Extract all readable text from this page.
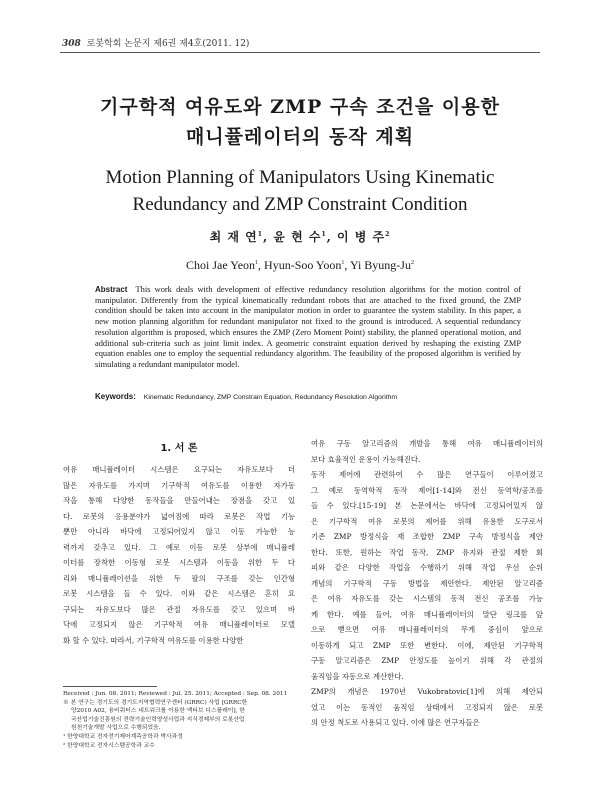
308 로봇학회 논문지 제6권 제4호(2011. 12)
기구학적 여유도와 ZMP 구속 조건을 이용한
매니퓰레이터의 동작 계획
Motion Planning of Manipulators Using Kinematic
Redundancy and ZMP Constraint Condition
최 재 연$^1$, 윤 현 수$^1$, 이 병 주$^2$
Choi Jae Yeon$^1$, Hyun-Soo Yoon$^1$, Yi Byung-Ju$^2$
Abstract This work deals with development of effective redundancy resolution algorithms for the motion control of manipulator. Differently from the typical kinematically redundant robots that are attached to the fixed ground, the ZMP condition should be taken into account in the manipulator motion in order to guarantee the system stability. In this paper, a new motion planning algorithm for redundant manipulator not fixed to the ground is introduced. A sequential redundancy resolution algorithm is proposed, which ensures the ZMP (Zero Moment Point) stability, the planned operational motion, and additional sub-criteria such as joint limit index. A geometric constraint equation derived by reshaping the existing ZMP equation enables one to employ the sequential redundancy algorithm. The feasibility of the proposed algorithm is verified by simulating a redundant manipulator model.
Keywords: Kinematic Redundancy, ZMP Constrain Equation, Redundancy Resolution Algorithm
1. 서 론
여유 매니퓰레이터 시스템은 요구되는 자유도보다 더
많은 자유도를 가지며 기구학적 여유도를 이용한 자가동
작을 통해 다양한 동작들을 만들어내는 장점을 갖고 있
다. 로봇의 응용분야가 넓어짐에 따라 로봇은 작업 기능
뿐만 아니라 바닥에 고정되어있지 않고 이동 가능한 능
력까지 갖추고 있다. 그 예로 이동 로봇 상부에 매니퓰레
이터를 장착한 이동형 로봇 시스템과 이동을 위한 두 다
리와 매니퓰레이션을 위한 두 팔의 구조를 갖는 인간형
로봇 시스템을 들 수 있다. 이와 같은 시스템은 흔히 요
구되는 자유도보다 많은 관절 자유도를 갖고 있으며 바
닥에 고정되지 않은 기구학적 여유 매니퓰레이터로 모델
화 할 수 있다. 따라서, 기구학적 여유도를 이용한 다양한
여유 구동 알고리즘의 개발을 통해 여유 매니퓰레이터의
보다 효율적인 운용이 가능해진다.
동작 제어에 관련하여 수 많은 연구들이 이루어졌고
그 예로 동역학적 동작 제어[1-14]와 전신 동역학/공조를
들 수 있다.[15-19] 본 논문에서는 바닥에 고정되어있지 않
은 기구학적 여유 로봇의 제어를 위해 유용한 도구로서
기존 ZMP 방정식을 재 조합한 ZMP 구속 방정식을 제안
한다. 또한, 원하는 작업 동작, ZMP 유지와 관절 제한 회
피와 같은 다양한 작업을 수행하기 위해 작업 우선 순위
개념의 기구학적 구동 방법을 제안한다. 제안된 알고리즘
은 여유 자유도를 갖는 시스템의 동적 전신 공조를 가능
케 한다. 예를 들어, 여유 매니퓰레이터의 말단 링크를 앞
으로 뻗으면 여유 매니퓰레이터의 무게 중심이 앞으로
이동하게 되고 ZMP 또한 변한다. 이에, 제안된 기구학적
구동 알고리즘은 ZMP 안정도를 높이기 위해 각 관절의
움직임을 자동으로 계산한다.
ZMP의 개념은 1970년 Vukobratovic[1]에 의해 제안되
었고 이는 동적인 움직임 상태에서 고정되지 않은 로봇
의 안정 척도로 사용되고 있다. 이에 많은 연구자들은
Received : Jun. 08. 2011; Reviewed : Jul. 25. 2011; Accepted : Sep. 08. 2011
※ 본 연구는 경기도의 경기도지역협력연구센터 (GRRC) 사업 [GRRC한
양2010 A02, 융비쿼터스 네트워크를 이용한 액티브 디스플레이], 한
국산업기술진흥원의 전략기술인력양성사업과 지식경제부의 로봇산업
원천기술개발 사업으로 수행되었음.
¹ 한양대학교 전자전기제어계측공학과 박사과정
² 한양대학교 전자시스템공학과 교수
